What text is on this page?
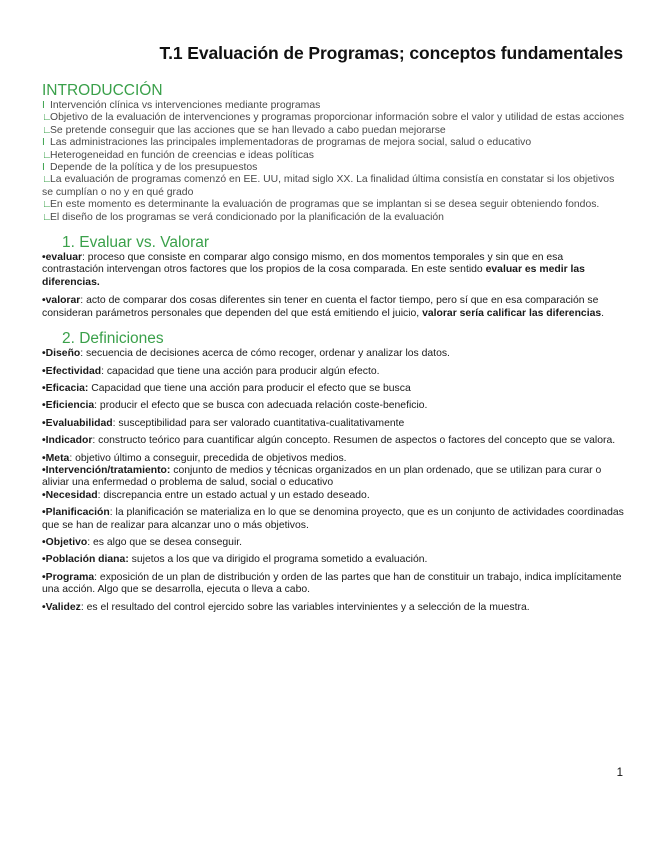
T.1 Evaluación de Programas; conceptos fundamentales
INTRODUCCIÓN
I Intervención clínica vs intervenciones mediante programas
∟Objetivo de la evaluación de intervenciones y programas proporcionar información sobre el valor y utilidad de estas acciones
∟Se pretende conseguir que las acciones que se han llevado a cabo puedan mejorarse
I Las administraciones las principales implementadoras de programas de mejora social, salud o educativo
∟Heterogeneidad en función de creencias e ideas políticas
I Depende de la política y de los presupuestos
∟La evaluación de programas comenzó en EE. UU, mitad siglo XX. La finalidad última consistía en constatar si los objetivos se cumplían o no y en qué grado
∟En este momento es determinante la evaluación de programas que se implantan si se desea seguir obteniendo fondos.
∟El diseño de los programas se verá condicionado por la planificación de la evaluación
1. Evaluar vs. Valorar

•evaluar: proceso que consiste en comparar algo consigo mismo, en dos momentos temporales y sin que en esa contrastación intervengan otros factores que los propios de la cosa comparada. En este sentido evaluar es medir las diferencias.

•valorar: acto de comparar dos cosas diferentes sin tener en cuenta el factor tiempo, pero sí que en esa comparación se consideran parámetros personales que dependen del que está emitiendo el juicio, valorar sería calificar las diferencias.

2. Definiciones

•Diseño: secuencia de decisiones acerca de cómo recoger, ordenar y analizar los datos.

•Efectividad: capacidad que tiene una acción para producir algún efecto.

•Eficacia: Capacidad que tiene una acción para producir el efecto que se busca

•Eficiencia: producir el efecto que se busca con adecuada relación coste-beneficio.

•Evaluabilidad: susceptibilidad para ser valorado cuantitativa-cualitativamente

•Indicador: constructo teórico para cuantificar algún concepto. Resumen de aspectos o factores del concepto que se valora.

•Meta: objetivo último a conseguir, precedida de objetivos medios.

•Intervención/tratamiento: conjunto de medios y técnicas organizados en un plan ordenado, que se utilizan para curar o aliviar una enfermedad o problema de salud, social o educativo

•Necesidad: discrepancia entre un estado actual y un estado deseado.

•Planificación: la planificación se materializa en lo que se denomina proyecto, que es un conjunto de actividades coordinadas que se han de realizar para alcanzar uno o más objetivos.

•Objetivo: es algo que se desea conseguir.

•Población diana: sujetos a los que va dirigido el programa sometido a evaluación.

•Programa: exposición de un plan de distribución y orden de las partes que han de constituir un trabajo, indica implícitamente una acción. Algo que se desarrolla, ejecuta o lleva a cabo.

•Validez: es el resultado del control ejercido sobre las variables intervinientes y a selección de la muestra.

1
